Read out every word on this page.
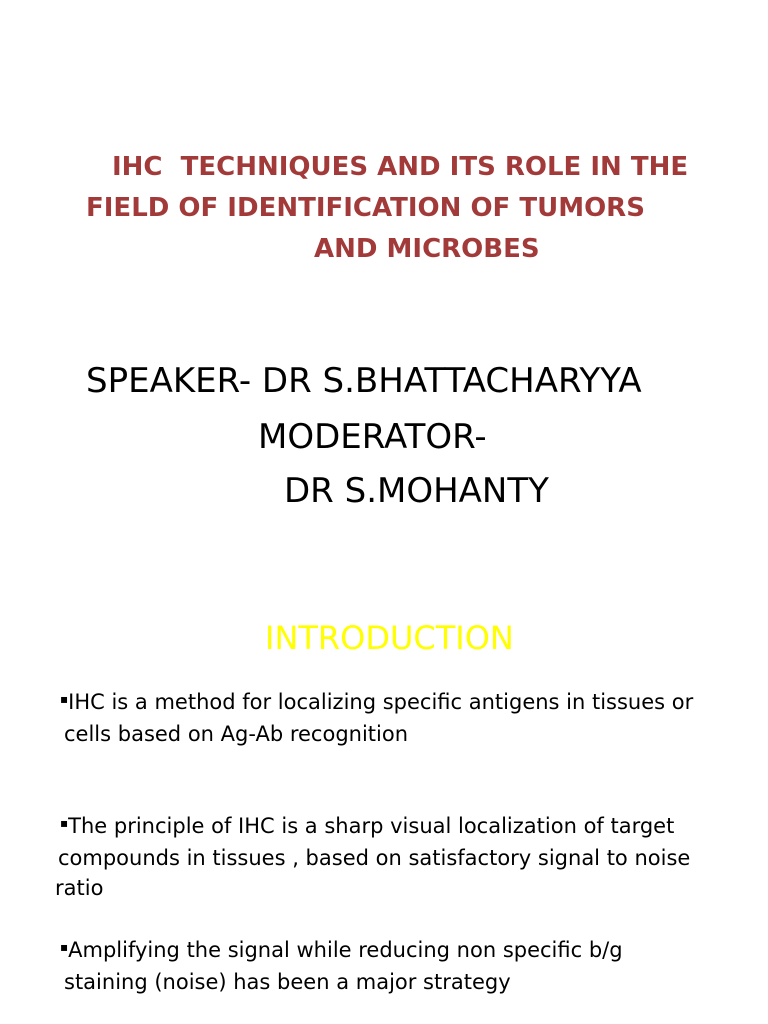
IHC  TECHNIQUES AND ITS ROLE IN THE
FIELD OF IDENTIFICATION OF TUMORS
AND MICROBES
SPEAKER- DR S.BHATTACHARYYA
MODERATOR-
DR S.MOHANTY
INTRODUCTION
▪IHC is a method for localizing specific antigens in tissues or
cells based on Ag-Ab recognition
▪The principle of IHC is a sharp visual localization of target
compounds in tissues , based on satisfactory signal to noise
ratio
▪Amplifying the signal while reducing non specific b/g
staining (noise) has been a major strategy
